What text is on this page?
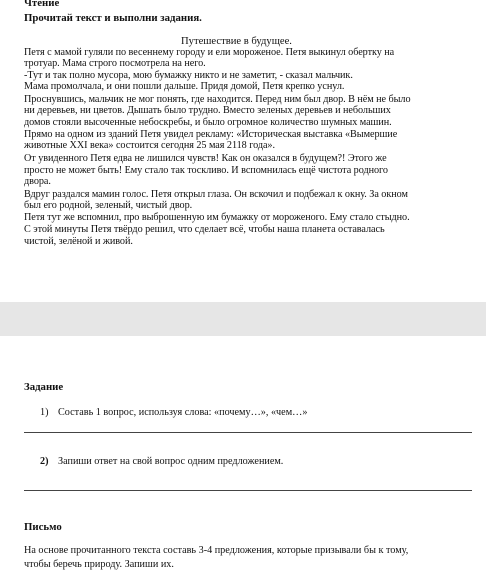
Чтение

Прочитай текст и выполни задания.

Путешествие в будущее.

Петя с мамой гуляли по весеннему городу и ели мороженое. Петя выкинул обертку на

тротуар. Мама строго посмотрела на него.

-Тут и так полно мусора, мою бумажку никто и не заметит, - сказал мальчик.

Мама промолчала, и они пошли дальше. Придя домой, Петя крепко уснул.

Проснувшись, мальчик не мог понять, где находится. Перед ним был двор. В нём не было

ни деревьев, ни цветов. Дышать было трудно. Вместо зеленых деревьев и небольших

домов стояли высоченные небоскребы, и было огромное количество шумных машин.

Прямо на одном из зданий Петя увидел рекламу: «Историческая выставка «Вымершие

животные XXI века» состоится сегодня 25 мая 2118 года».

От увиденного Петя едва не лишился чувств! Как он оказался в будущем?! Этого же

просто не может быть! Ему стало так тоскливо. И вспомнилась ещё чистота родного

двора.

Вдруг раздался мамин голос. Петя открыл глаза. Он вскочил и подбежал к окну. За окном

был его родной, зеленый, чистый двор.

Петя тут же вспомнил, про выброшенную им бумажку от мороженого. Ему стало стыдно.

С этой минуты Петя твёрдо решил, что сделает всё, чтобы наша планета оставалась

чистой, зелёной и живой.

Задание

1) Составь 1 вопрос, используя слова: «почему…», «чем…»
2) Запиши ответ на свой вопрос одним предложением.

Письмо

На основе прочитанного текста составь 3-4 предложения, которые призывали бы к тому,

чтобы беречь природу. Запиши их.
